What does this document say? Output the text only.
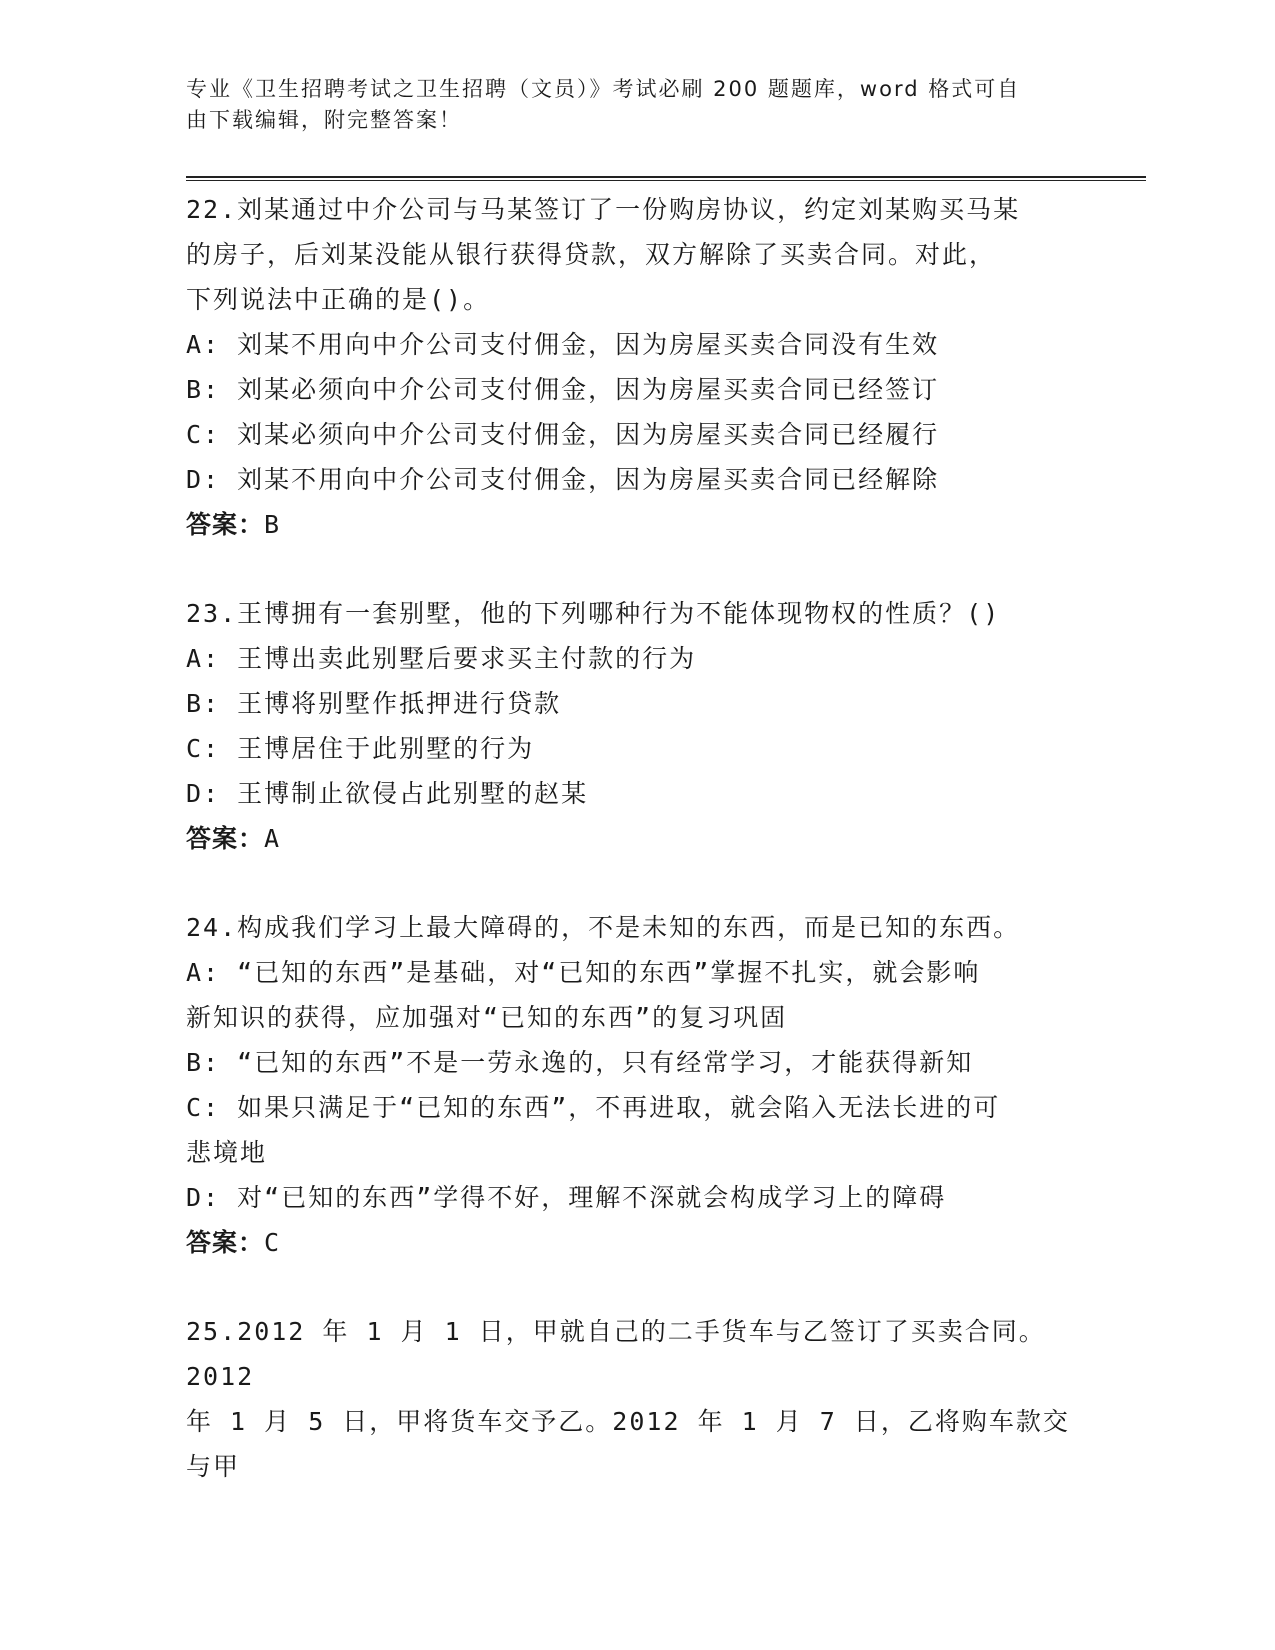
专业《卫生招聘考试之卫生招聘（文员）》考试必刷 200 题题库，word 格式可自
由下载编辑，附完整答案！
22.刘某通过中介公司与马某签订了一份购房协议，约定刘某购买马某
的房子，后刘某没能从银行获得贷款，双方解除了买卖合同。对此，
下列说法中正确的是()。
A: 刘某不用向中介公司支付佣金，因为房屋买卖合同没有生效
B: 刘某必须向中介公司支付佣金，因为房屋买卖合同已经签订
C: 刘某必须向中介公司支付佣金，因为房屋买卖合同已经履行
D: 刘某不用向中介公司支付佣金，因为房屋买卖合同已经解除
答案：B
23.王博拥有一套别墅，他的下列哪种行为不能体现物权的性质？()
A: 王博出卖此别墅后要求买主付款的行为
B: 王博将别墅作抵押进行贷款
C: 王博居住于此别墅的行为
D: 王博制止欲侵占此别墅的赵某
答案：A
24.构成我们学习上最大障碍的，不是未知的东西，而是已知的东西。
A: “已知的东西”是基础，对“已知的东西”掌握不扎实，就会影响
新知识的获得，应加强对“已知的东西”的复习巩固
B: “已知的东西”不是一劳永逸的，只有经常学习，才能获得新知
C: 如果只满足于“已知的东西”，不再进取，就会陷入无法长进的可
悲境地
D: 对“已知的东西”学得不好，理解不深就会构成学习上的障碍
答案：C
25.2012 年 1 月 1 日，甲就自己的二手货车与乙签订了买卖合同。2012
年 1 月 5 日，甲将货车交予乙。2012 年 1 月 7 日，乙将购车款交与甲
